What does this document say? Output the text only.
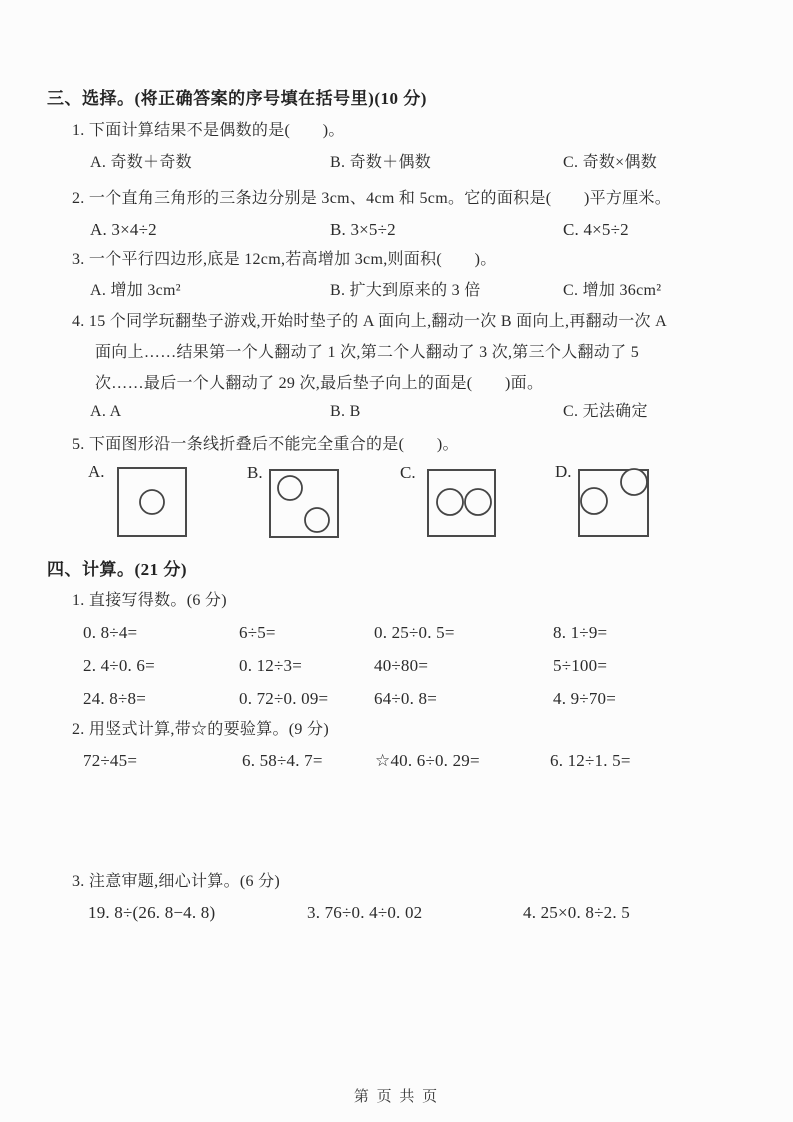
三、选择。(将正确答案的序号填在括号里)(10 分)
1. 下面计算结果不是偶数的是(　　)。
A. 奇数＋奇数	B. 奇数＋偶数	C. 奇数×偶数
2. 一个直角三角形的三条边分别是 3cm、4cm 和 5cm。它的面积是(　　)平方厘米。
A. 3×4÷2	B. 3×5÷2	C. 4×5÷2
3. 一个平行四边形,底是 12cm,若高增加 3cm,则面积(　　)。
A. 增加 3cm²	B. 扩大到原来的 3 倍	C. 增加 36cm²
4. 15 个同学玩翻垫子游戏,开始时垫子的 A 面向上,翻动一次 B 面向上,再翻动一次 A
面向上……结果第一个人翻动了 1 次,第二个人翻动了 3 次,第三个人翻动了 5
次……最后一个人翻动了 29 次,最后垫子向上的面是(　　)面。
A. A	B. B	C. 无法确定
5. 下面图形沿一条线折叠后不能完全重合的是(　　)。
A.	B.	C.	D.
四、计算。(21 分)
1. 直接写得数。(6 分)
0. 8÷4=	6÷5=	0. 25÷0. 5=	8. 1÷9=
2. 4÷0. 6=	0. 12÷3=	40÷80=	5÷100=
24. 8÷8=	0. 72÷0. 09=	64÷0. 8=	4. 9÷70=
2. 用竖式计算,带☆的要验算。(9 分)
72÷45=	6. 58÷4. 7=	☆40. 6÷0. 29=	6. 12÷1. 5=
3. 注意审题,细心计算。(6 分)
19. 8÷(26. 8−4. 8)	3. 76÷0. 4÷0. 02	4. 25×0. 8÷2. 5
第 页 共 页
